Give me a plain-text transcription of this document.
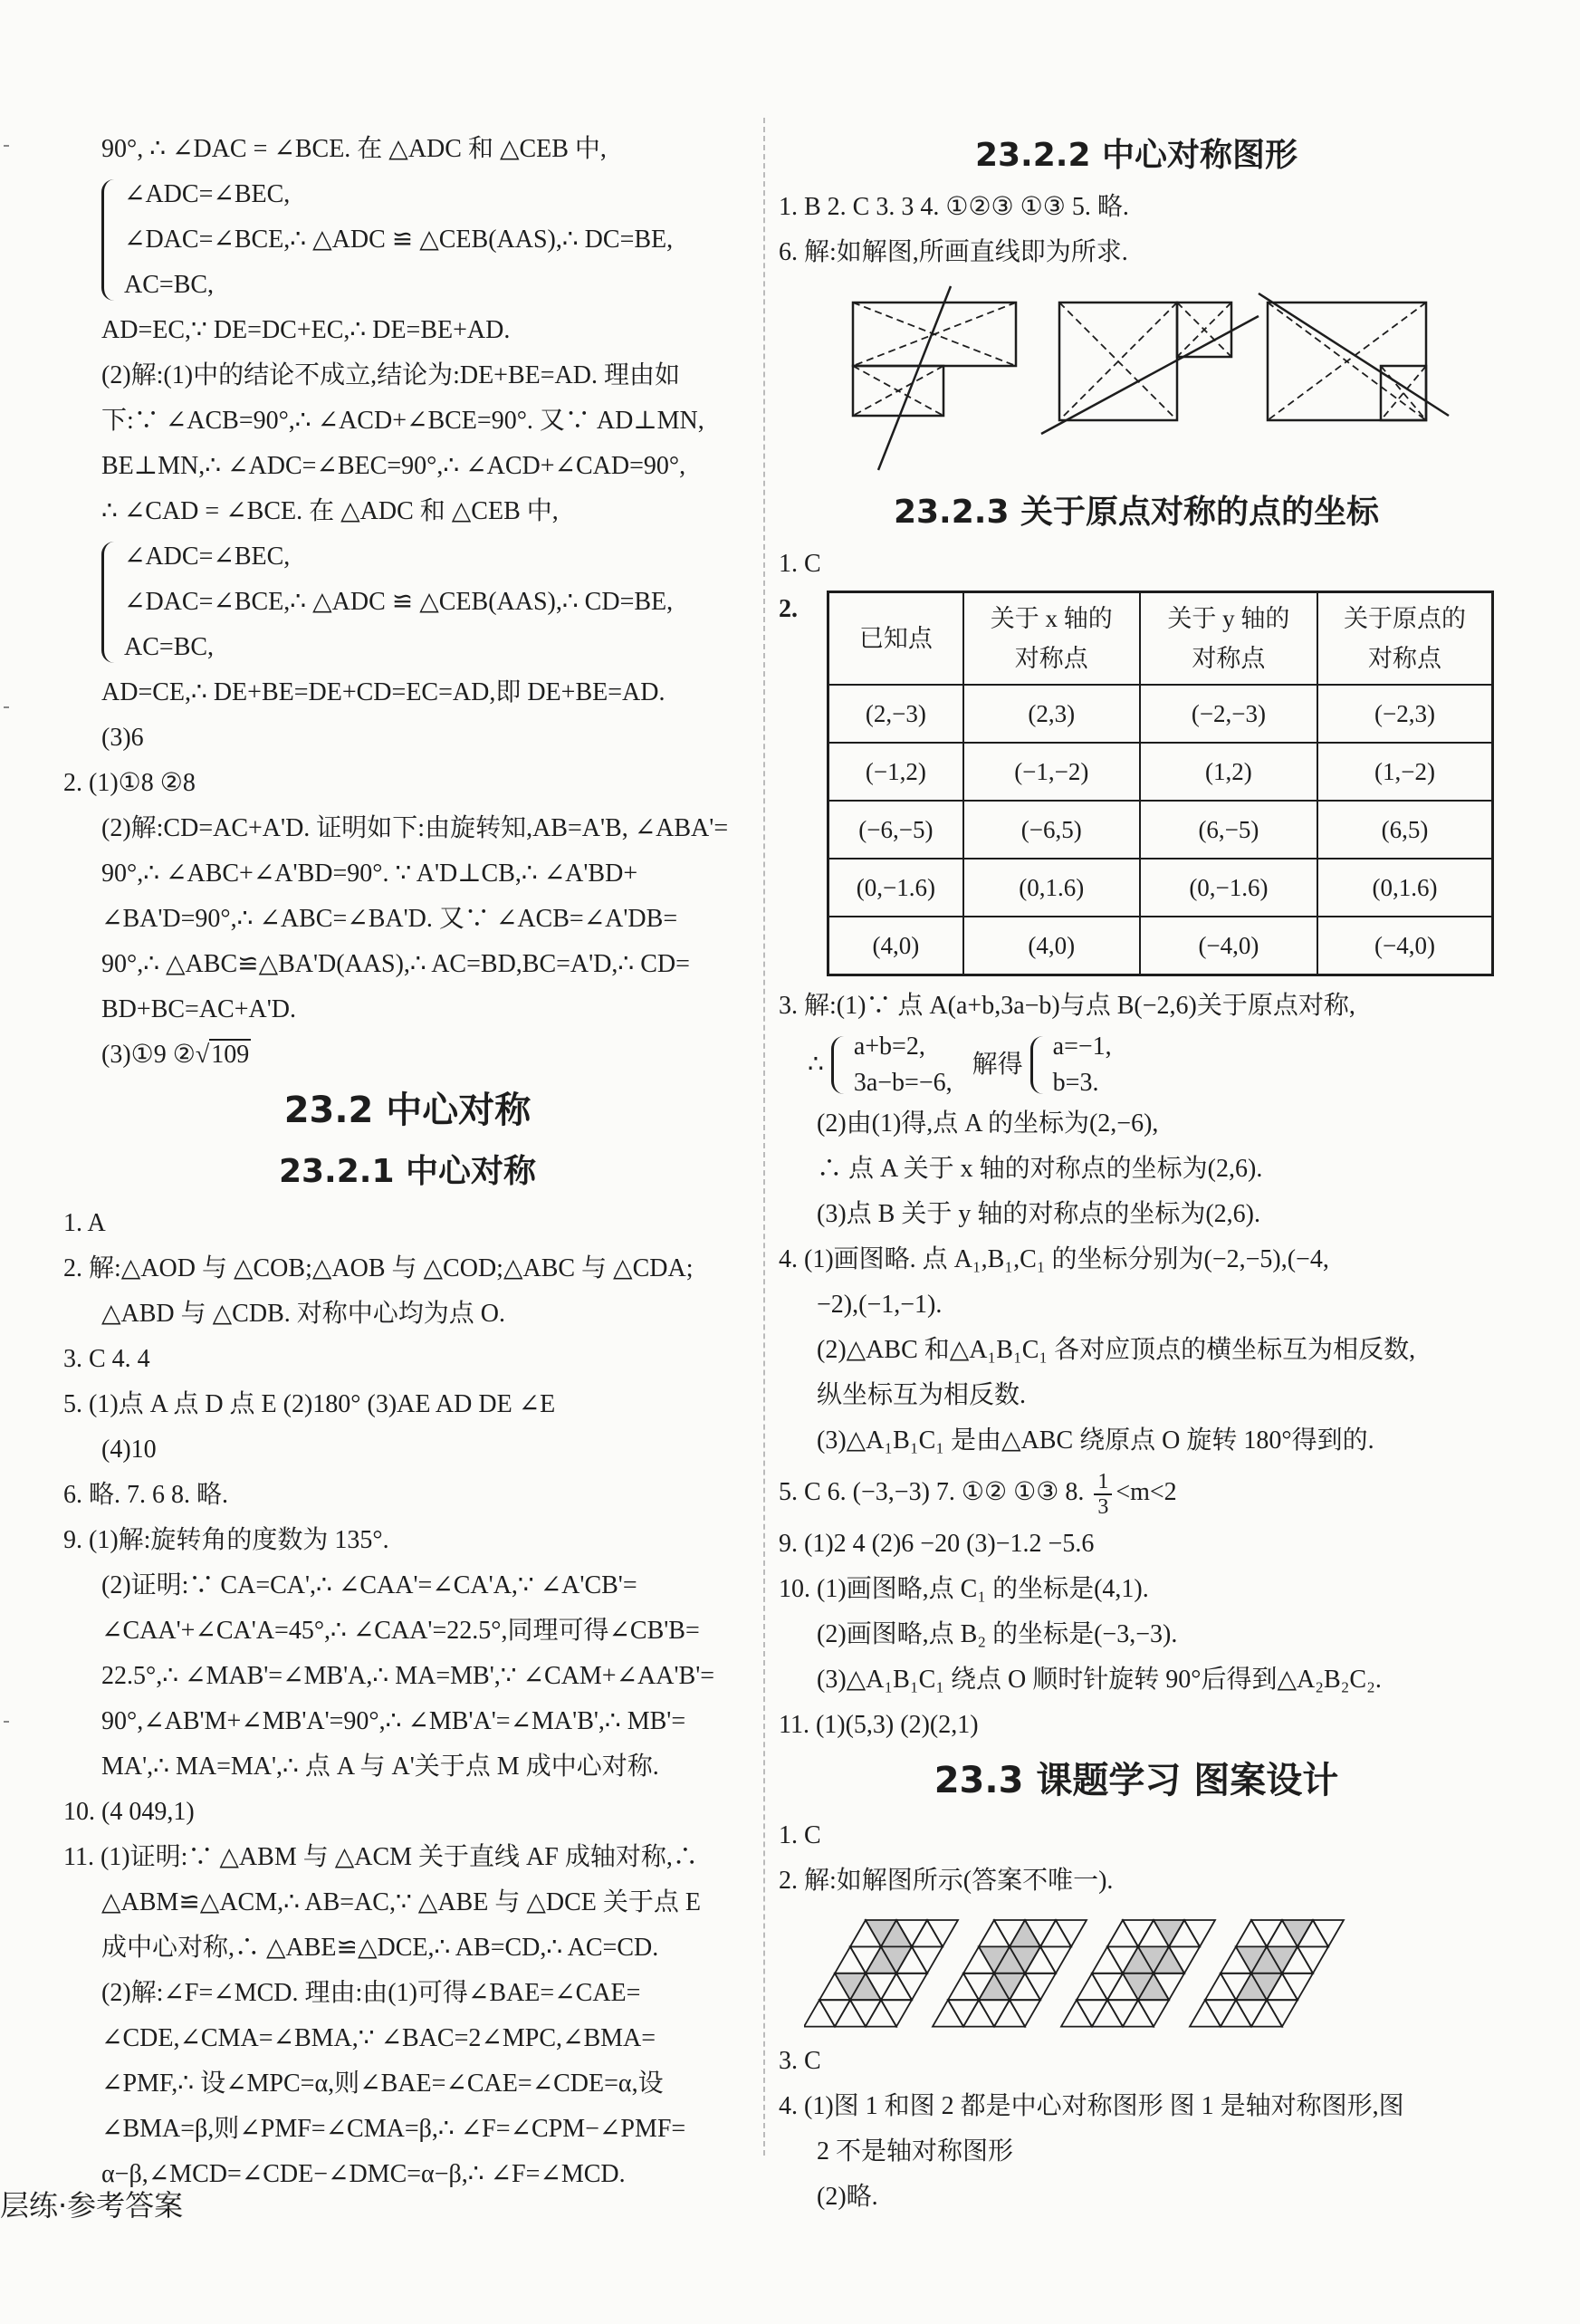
90°, ∴ ∠DAC = ∠BCE. 在 △ADC 和 △CEB 中,
∠ADC=∠BEC,
∠DAC=∠BCE,∴ △ADC ≌ △CEB(AAS),∴ DC=BE,
AC=BC,
AD=EC,∵ DE=DC+EC,∴ DE=BE+AD.
(2)解:(1)中的结论不成立,结论为:DE+BE=AD. 理由如
下:∵ ∠ACB=90°,∴ ∠ACD+∠BCE=90°. 又∵ AD⊥MN,
BE⊥MN,∴ ∠ADC=∠BEC=90°,∴ ∠ACD+∠CAD=90°,
∴ ∠CAD = ∠BCE. 在 △ADC 和 △CEB 中,
∠ADC=∠BEC,
∠DAC=∠BCE,∴ △ADC ≌ △CEB(AAS),∴ CD=BE,
AC=BC,
AD=CE,∴ DE+BE=DE+CD=EC=AD,即 DE+BE=AD.
(3)6
2. (1)①8 ②8
(2)解:CD=AC+A'D. 证明如下:由旋转知,AB=A'B, ∠ABA'=
90°,∴ ∠ABC+∠A'BD=90°. ∵ A'D⊥CB,∴ ∠A'BD+
∠BA'D=90°,∴ ∠ABC=∠BA'D. 又∵ ∠ACB=∠A'DB=
90°,∴ △ABC≌△BA'D(AAS),∴ AC=BD,BC=A'D,∴ CD=
BD+BC=AC+A'D.
(3)①9 ②√109
23.2 中心对称
23.2.1 中心对称
1. A
2. 解:△AOD 与 △COB;△AOB 与 △COD;△ABC 与 △CDA;
△ABD 与 △CDB. 对称中心均为点 O.
3. C 4. 4
5. (1)点 A 点 D 点 E (2)180° (3)AE AD DE ∠E
(4)10
6. 略. 7. 6 8. 略.
9. (1)解:旋转角的度数为 135°.
(2)证明:∵ CA=CA',∴ ∠CAA'=∠CA'A,∵ ∠A'CB'=
∠CAA'+∠CA'A=45°,∴ ∠CAA'=22.5°,同理可得∠CB'B=
22.5°,∴ ∠MAB'=∠MB'A,∴ MA=MB',∵ ∠CAM+∠AA'B'=
90°,∠AB'M+∠MB'A'=90°,∴ ∠MB'A'=∠MA'B',∴ MB'=
MA',∴ MA=MA',∴ 点 A 与 A'关于点 M 成中心对称.
10. (4 049,1)
11. (1)证明:∵ △ABM 与 △ACM 关于直线 AF 成轴对称,∴
△ABM≌△ACM,∴ AB=AC,∵ △ABE 与 △DCE 关于点 E
成中心对称,∴ △ABE≌△DCE,∴ AB=CD,∴ AC=CD.
(2)解:∠F=∠MCD. 理由:由(1)可得∠BAE=∠CAE=
∠CDE,∠CMA=∠BMA,∵ ∠BAC=2∠MPC,∠BMA=
∠PMF,∴ 设∠MPC=α,则∠BAE=∠CAE=∠CDE=α,设
∠BMA=β,则∠PMF=∠CMA=β,∴ ∠F=∠CPM−∠PMF=
α−β,∠MCD=∠CDE−∠DMC=α−β,∴ ∠F=∠MCD.
23.2.2 中心对称图形
1. B 2. C 3. 3 4. ①②③ ①③ 5. 略.
6. 解:如解图,所画直线即为所求.
23.2.3 关于原点对称的点的坐标
1. C
2.
已知点	关于 x 轴的对称点	关于 y 轴的对称点	关于原点的对称点
(2,−3)	(2,3)	(−2,−3)	(−2,3)
(−1,2)	(−1,−2)	(1,2)	(1,−2)
(−6,−5)	(−6,5)	(6,−5)	(6,5)
(0,−1.6)	(0,1.6)	(0,−1.6)	(0,1.6)
(4,0)	(4,0)	(−4,0)	(−4,0)
3. 解:(1)∵ 点 A(a+b,3a−b)与点 B(−2,6)关于原点对称,
∴
a+b=2,
3a−b=−6,
解得
a=−1,
b=3.
(2)由(1)得,点 A 的坐标为(2,−6),
∴ 点 A 关于 x 轴的对称点的坐标为(2,6).
(3)点 B 关于 y 轴的对称点的坐标为(2,6).
4. (1)画图略. 点 A₁,B₁,C₁ 的坐标分别为(−2,−5),(−4,
−2),(−1,−1).
(2)△ABC 和△A₁B₁C₁ 各对应顶点的横坐标互为相反数,
纵坐标互为相反数.
(3)△A₁B₁C₁ 是由△ABC 绕原点 O 旋转 180°得到的.
5. C 6. (−3,−3) 7. ①② ①③ 8. $\frac{1}{3} <m<2$
9. (1)2 4 (2)6 −20 (3)−1.2 −5.6
10. (1)画图略,点 C₁ 的坐标是(4,1).
(2)画图略,点 B₂ 的坐标是(−3,−3).
(3)△A₁B₁C₁ 绕点 O 顺时针旋转 90°后得到△A₂B₂C₂.
11. (1)(5,3) (2)(2,1)
23.3 课题学习 图案设计
1. C
2. 解:如解图所示(答案不唯一).
3. C
4. (1)图 1 和图 2 都是中心对称图形 图 1 是轴对称图形,图
2 不是轴对称图形
(2)略.
层练·参考答案
